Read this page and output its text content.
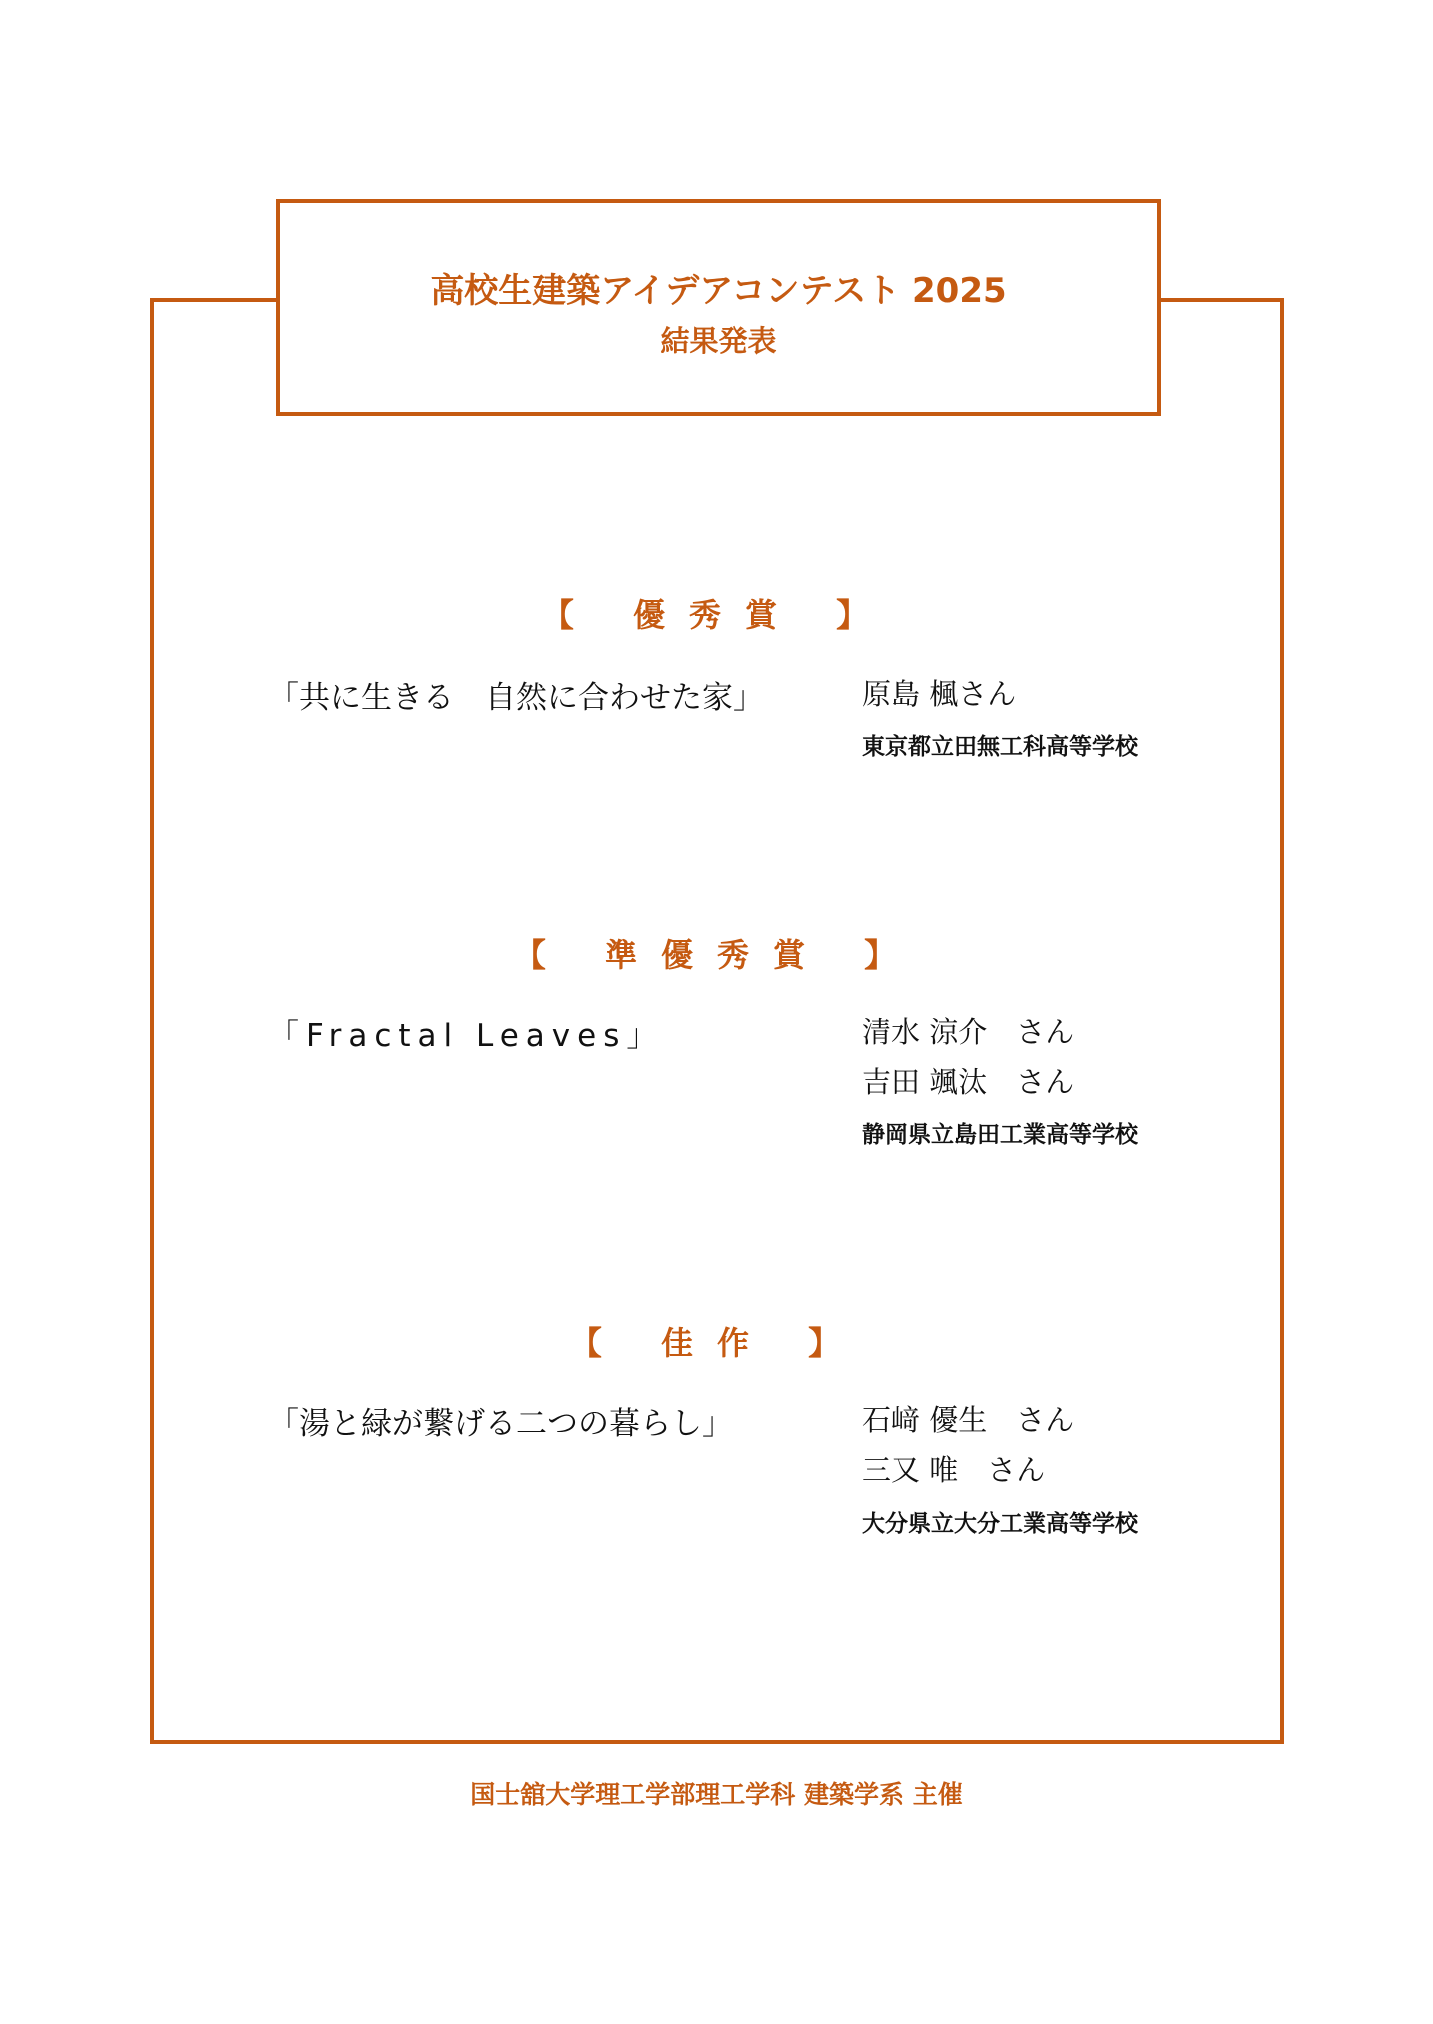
高校生建築アイデアコンテスト 2025
結果発表
【 優秀賞 】
「共に生きる　自然に合わせた家」	原島 楓さん
東京都立田無工科高等学校
【 準優秀賞 】
「Fractal Leaves」	清水 涼介　さん
吉田 颯汰　さん
静岡県立島田工業高等学校
【 佳作 】
「湯と緑が繋げる二つの暮らし」	石﨑 優生　さん
三又 唯　さん
大分県立大分工業高等学校
国士舘大学理工学部理工学科 建築学系 主催
